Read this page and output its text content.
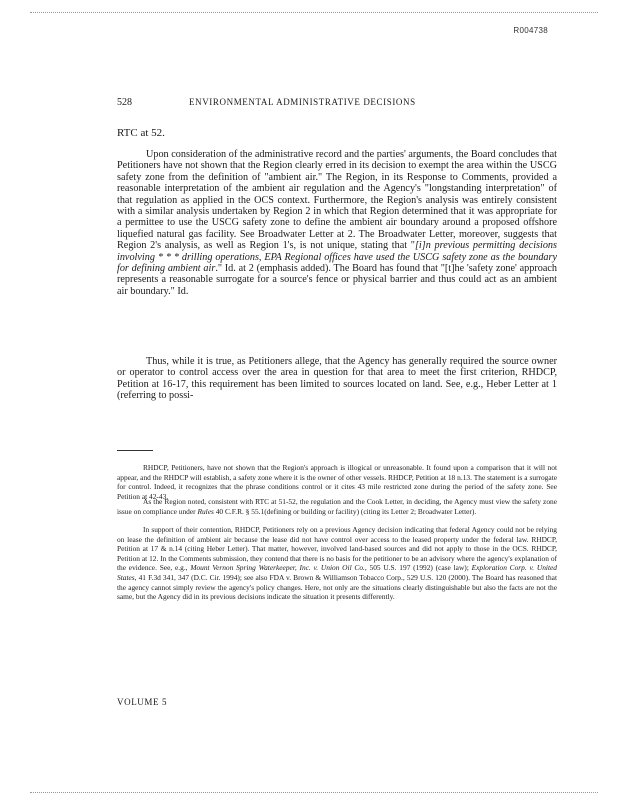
R004738
528	ENVIRONMENTAL ADMINISTRATIVE DECISIONS
RTC at 52.

Upon consideration of the administrative record and the parties' arguments, the Board concludes that Petitioners have not shown that the Region clearly erred in its decision to exempt the area within the USCG safety zone from the definition of "ambient air." The Region, in its Response to Comments, provided a reasonable interpretation of the ambient air regulation and the Agency's "longstanding interpretation" of that regulation as applied in the OCS context. Furthermore, the Region's analysis was entirely consistent with a similar analysis undertaken by Region 2 in which that Region determined that it was appropriate for a permittee to use the USCG safety zone to define the ambient air boundary around a proposed offshore liquefied natural gas facility. See Broadwater Letter at 2. The Broadwater Letter, moreover, suggests that Region 2's analysis, as well as Region 1's, is not unique, stating that "[i]n previous permitting decisions involving * * * drilling operations, EPA Regional offices have used the USCG safety zone as the boundary for defining ambient air." Id. at 2 (emphasis added). The Board has found that "[t]he 'safety zone' approach represents a reasonable surrogate for a source's fence or physical barrier and thus could act as an ambient air boundary." Id.

Thus, while it is true, as Petitioners allege, that the Agency has generally required the source owner or operator to control access over the area in question for that area to meet the first criterion, RHDCP, Petition at 16-17, this requirement has been limited to sources located on land. See, e.g., Heber Letter at 1 (referring to possi-

RHDCP, Petitioners, have not shown that the Region's approach is illogical or unreasonable. It found upon a comparison that it will not appear, and the RHDCP will establish, a safety zone where it is the owner of other vessels. RHDCP, Petition at 18 n.13. The statement is a surrogate for control. Indeed, it recognizes that the phrase conditions control or it cites 43 mile restricted zone during the period of the safety zone. See Petition at 42-43.

As the Region noted, consistent with RTC at 51-52, the regulation and the Cook Letter, in deciding, the Agency must view the safety zone issue on compliance under Rules 40 C.F.R. § 55.1(defining or building or facility) (citing its Letter 2; Broadwater Letter).

In support of their contention, RHDCP, Petitioners rely on a previous Agency decision indicating that federal Agency could not be relying on lease the definition of ambient air because the lease did not have control over access to the leased property under the federal law. RHDCP, Petition at 17 & n.14 (citing Heber Letter). That matter, however, involved land-based sources and did not apply to those in the OCS. RHDCP, Petition at 12. In the Comments submission, they contend that there is no basis for the petitioner to be an advisory where the agency's explanation of the evidence. See, e.g., Mount Vernon Spring Waterkeeper, Inc. v. Union Oil Co., 505 U.S. 197 (1992) (case law); Exploration Corp. v. United States, 41 F.3d 341, 347 (D.C. Cir. 1994); see also FDA v. Brown & Williamson Tobacco Corp., 529 U.S. 120 (2000). The Board has reasoned that the agency cannot simply review the agency's policy changes. Here, not only are the situations clearly distinguishable but also the facts are not the same, but the Agency did in its previous decisions indicate the situation it presents differently.

VOLUME 5
